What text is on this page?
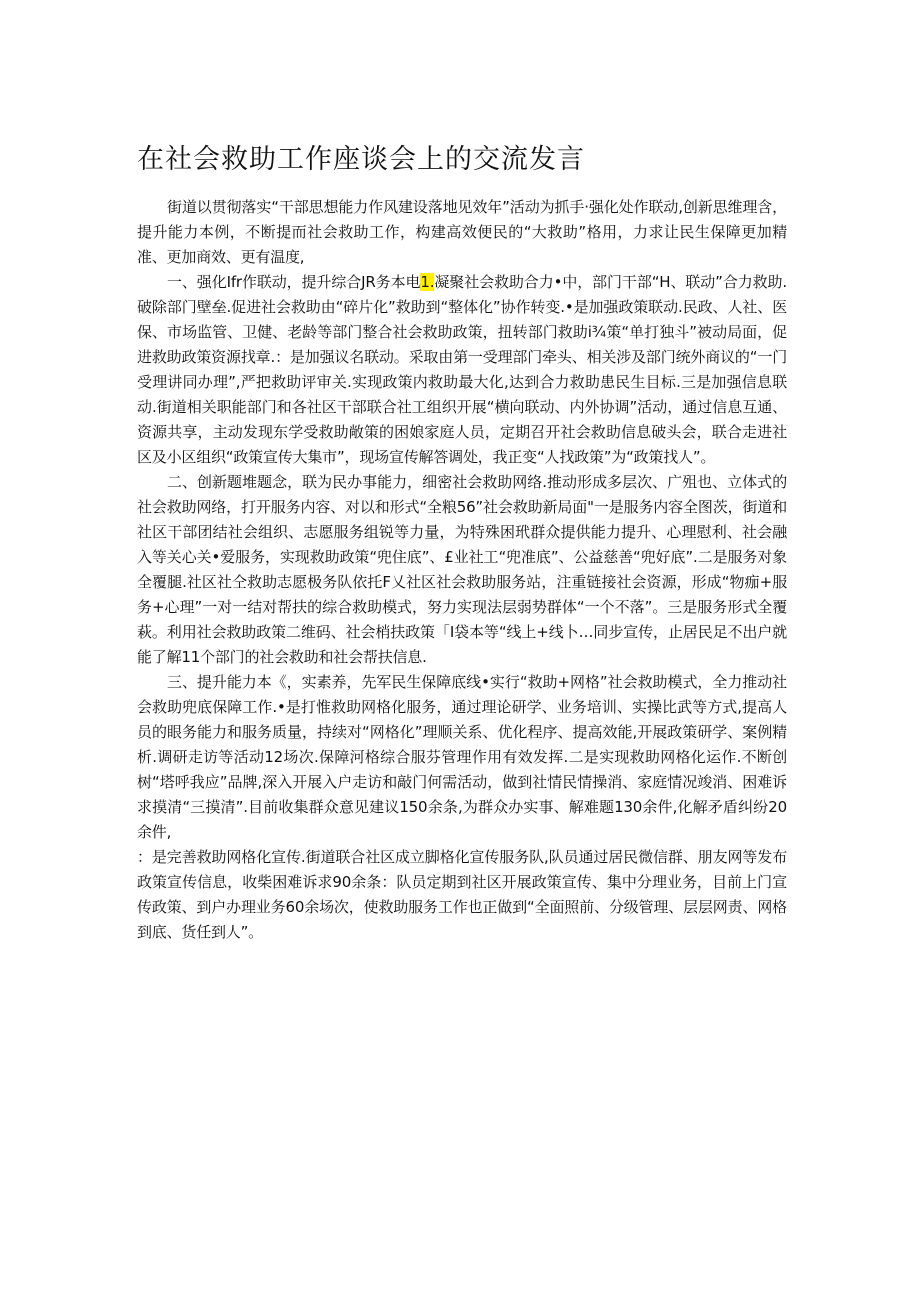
在社会救助工作座谈会上的交流发言

街道以贯彻落实“干部思想能力作风建设落地见效年”活动为抓手·强化处作联动,创新思维理含，提升能力本例，不断提而社会救助工作，构建高效便民的“大救助”格用，力求让民生保障更加精准、更加商效、更有温度,

一、强化Ifr作联动，提升综合JR务本电1.凝聚社会救助合力•中，部门干部“H、联动”合力救助.破除部门壁垒.促进社会救助由“碎片化”救助到“整体化”协作转变.•是加强政策联动.民政、人社、医保、市场监管、卫健、老龄等部门整合社会救助政策，扭转部门救助i¾策“单打独斗”被动局面，促进救助政策资源找章.：是加强议名联动。采取由第一受理部门牵头、相关涉及部门统外商议的“一门受理讲同办理”,严把救助评审关.实现政策内救助最大化,达到合力救助患民生目标.三是加强信息联动.街道相关职能部门和各社区干部联合社工组织开展“横向联动、内外协调”活动，通过信息互通、资源共享，主动发现东学受救助敞策的困娘家庭人员，定期召开社会救助信息破头会，联合走进社区及小区组织“政策宣传大集市”，现场宣传解答调处，我正变“人找政策”为“政策找人”。

二、创新题堆题念，联为民办事能力，细密社会救助网络.推动形成多层次、广殂也、立体式的社会救助网络，打开服务内容、对以和形式“全粮56”社会救助新局面"一是服务内容全图茨，街道和社区干部团结社会组织、志愿服务组锐等力量，为特殊困玳群众提供能力提升、心理慰利、社会融入等关心关•爱服务，实现救助政策“兜住底”、£业社工“兜准底”、公益慈善“兜好底”.二是服务对象全覆腿.社区社仝救助志愿极务队依托F乂社区社会救助服务站，注重链接社会资源，形成“物痂+服务+心理”一对一结对帮扶的综合救助模式，努力实现法层弱势群体“一个不落”。三是服务形式全覆萩。利用社会救助政策二维码、社会梢扶政策「I袋本等“线上+线卜…同步宣传，止居民足不出户就能了解11个部门的社会救助和社会帮扶信息.

三、提升能力本《，实素养，先军民生保障底线•实行“救助+网格”社会救助模式，全力推动社会救助兜底保障工作.•是打惟救助网格化服务，通过理论研学、业务培训、实操比武等方式,提高人员的眼务能力和服务质量，持续对“网格化”理顺关系、优化程序、提高效能,开展政策研学、案例精析.调研走访等活动12场次.保障河格综合服芬管理作用有效发挥.二是实现救助网格化运作.不断创树“塔呼我应”品牌,深入开展入户走访和敲门何需活动，做到社情民情操消、家庭情况竣消、困难诉求摸清“三摸清”.目前收集群众意见建议150余条,为群众办实事、解难题130余件,化解矛盾纠纷20余件,

：是完善救助网格化宣传.街道联合社区成立脚格化宣传服务队,队员通过居民微信群、朋友网等发布政策宣传信息，收柴困难诉求90余条：队员定期到社区开展政策宣传、集中分理业务，目前上门宣传政策、到户办理业务60余场次，使救助服务工作也正做到“全面照前、分级管理、层层网责、网格到底、货任到人”。
